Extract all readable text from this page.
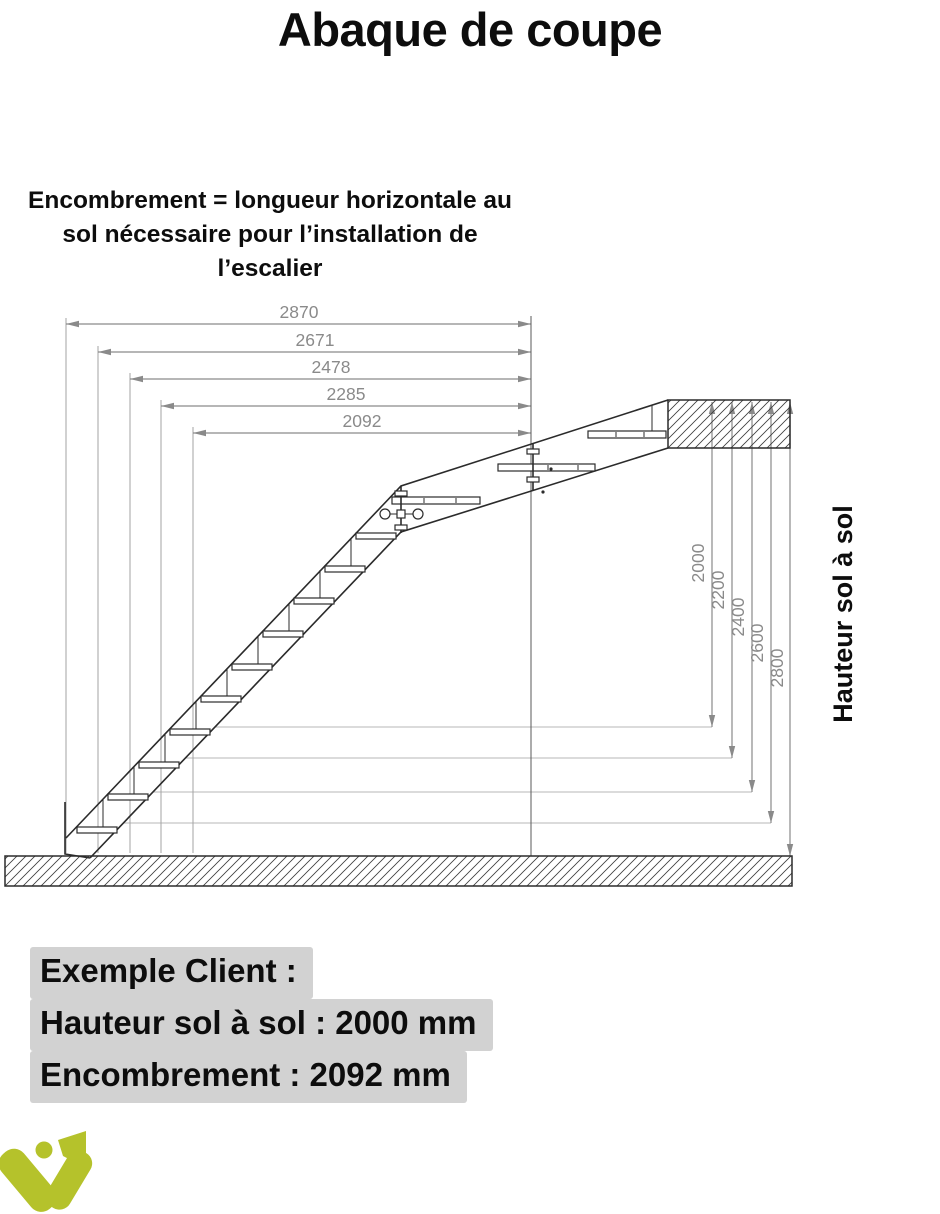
Abaque de coupe
Encombrement = longueur horizontale au
sol nécessaire pour l’installation de
l’escalier
2870
2671
2478
2285
2092
2000
2200
2400
2600
2800 Hauteur sol à sol
Exemple Client :
Hauteur sol à sol : 2000 mm
Encombrement : 2092 mm
